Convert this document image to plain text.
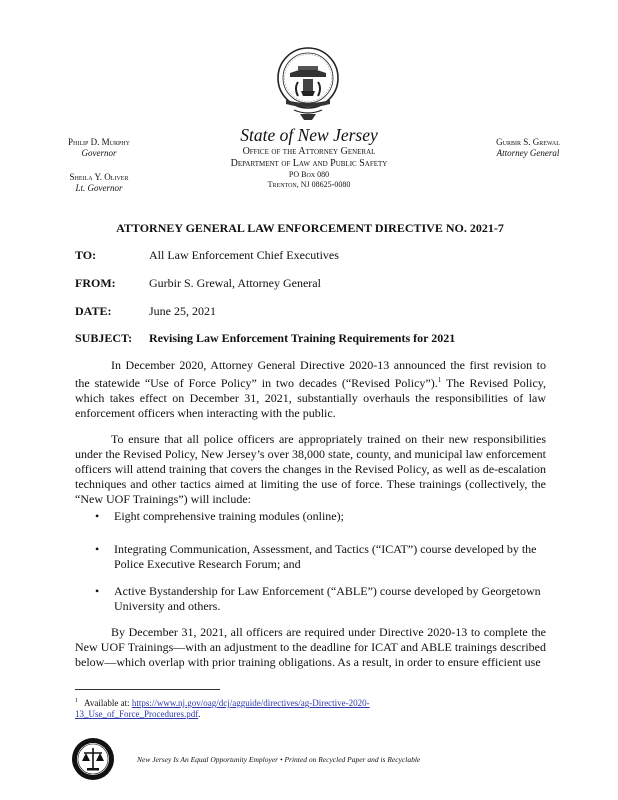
Philip D. Murphy
Governor
Sheila Y. Oliver
Lt. Governor
State of New Jersey
Office of the Attorney General
Department of Law and Public Safety
PO Box 080
Trenton, NJ 08625-0080
Gurbir S. Grewal
Attorney General
ATTORNEY GENERAL LAW ENFORCEMENT DIRECTIVE NO. 2021-7
TO:	All Law Enforcement Chief Executives
FROM:	Gurbir S. Grewal, Attorney General
DATE:	June 25, 2021
SUBJECT: Revising Law Enforcement Training Requirements for 2021
In December 2020, Attorney General Directive 2020-13 announced the first revision to the statewide “Use of Force Policy” in two decades (“Revised Policy”).$^1$ The Revised Policy, which takes effect on December 31, 2021, substantially overhauls the responsibilities of law enforcement officers when interacting with the public.
To ensure that all police officers are appropriately trained on their new responsibilities under the Revised Policy, New Jersey’s over 38,000 state, county, and municipal law enforcement officers will attend training that covers the changes in the Revised Policy, as well as de-escalation techniques and other tactics aimed at limiting the use of force. These trainings (collectively, the “New UOF Trainings”) will include:
• Eight comprehensive training modules (online);
• Integrating Communication, Assessment, and Tactics (“ICAT”) course developed by the Police Executive Research Forum; and
• Active Bystandership for Law Enforcement (“ABLE”) course developed by Georgetown University and others.
By December 31, 2021, all officers are required under Directive 2020-13 to complete the New UOF Trainings—with an adjustment to the deadline for ICAT and ABLE trainings described below—which overlap with prior training obligations. As a result, in order to ensure efficient use
$^1$ Available at: https://www.nj.gov/oag/dcj/agguide/directives/ag-Directive-2020-13_Use_of_Force_Procedures.pdf.
New Jersey Is An Equal Opportunity Employer • Printed on Recycled Paper and is Recyclable
